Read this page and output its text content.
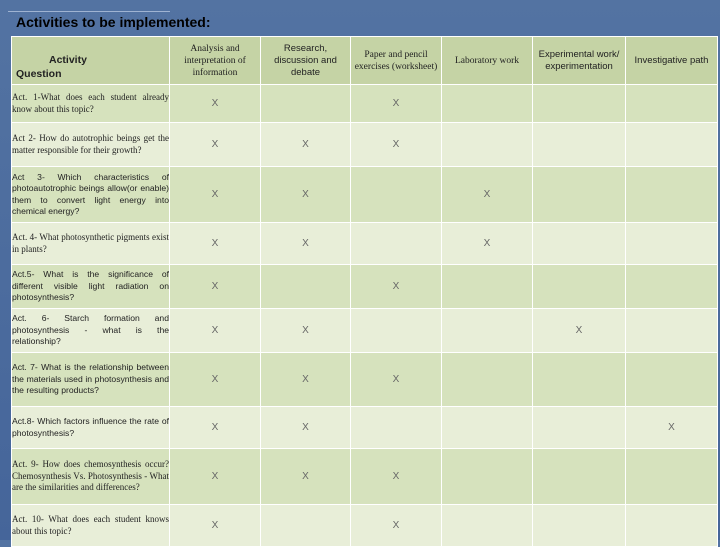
Activities to be implemented:
Activity
Question	Analysis and interpretation of information	Research, discussion and debate	Paper and pencil exercises (worksheet)	Laboratory work	Experimental work/ experimentation	Investigative path
Act. 1-What does each student already know about this topic?	X		X			
Act 2- How do autotrophic beings get the matter responsible for their growth?	X	X	X			
Act 3- Which characteristics of photoautotrophic beings allow(or enable) them to convert light energy into chemical energy?	X	X		X		
Act. 4- What photosynthetic pigments exist in plants?	X	X		X		
Act.5- What is the significance of different visible light radiation on photosynthesis?	X		X			
Act. 6- Starch formation and photosynthesis - what is the relationship?	X	X			X	
Act. 7- What is the relationship between the materials used in photosynthesis and the resulting products?	X	X	X			
Act.8- Which factors influence the rate of photosynthesis?	X	X				X
Act. 9- How does chemosynthesis occur? Chemosynthesis Vs. Photosynthesis - What are the similarities and differences?	X	X	X			
Act. 10- What does each student knows about this topic?	X		X			
